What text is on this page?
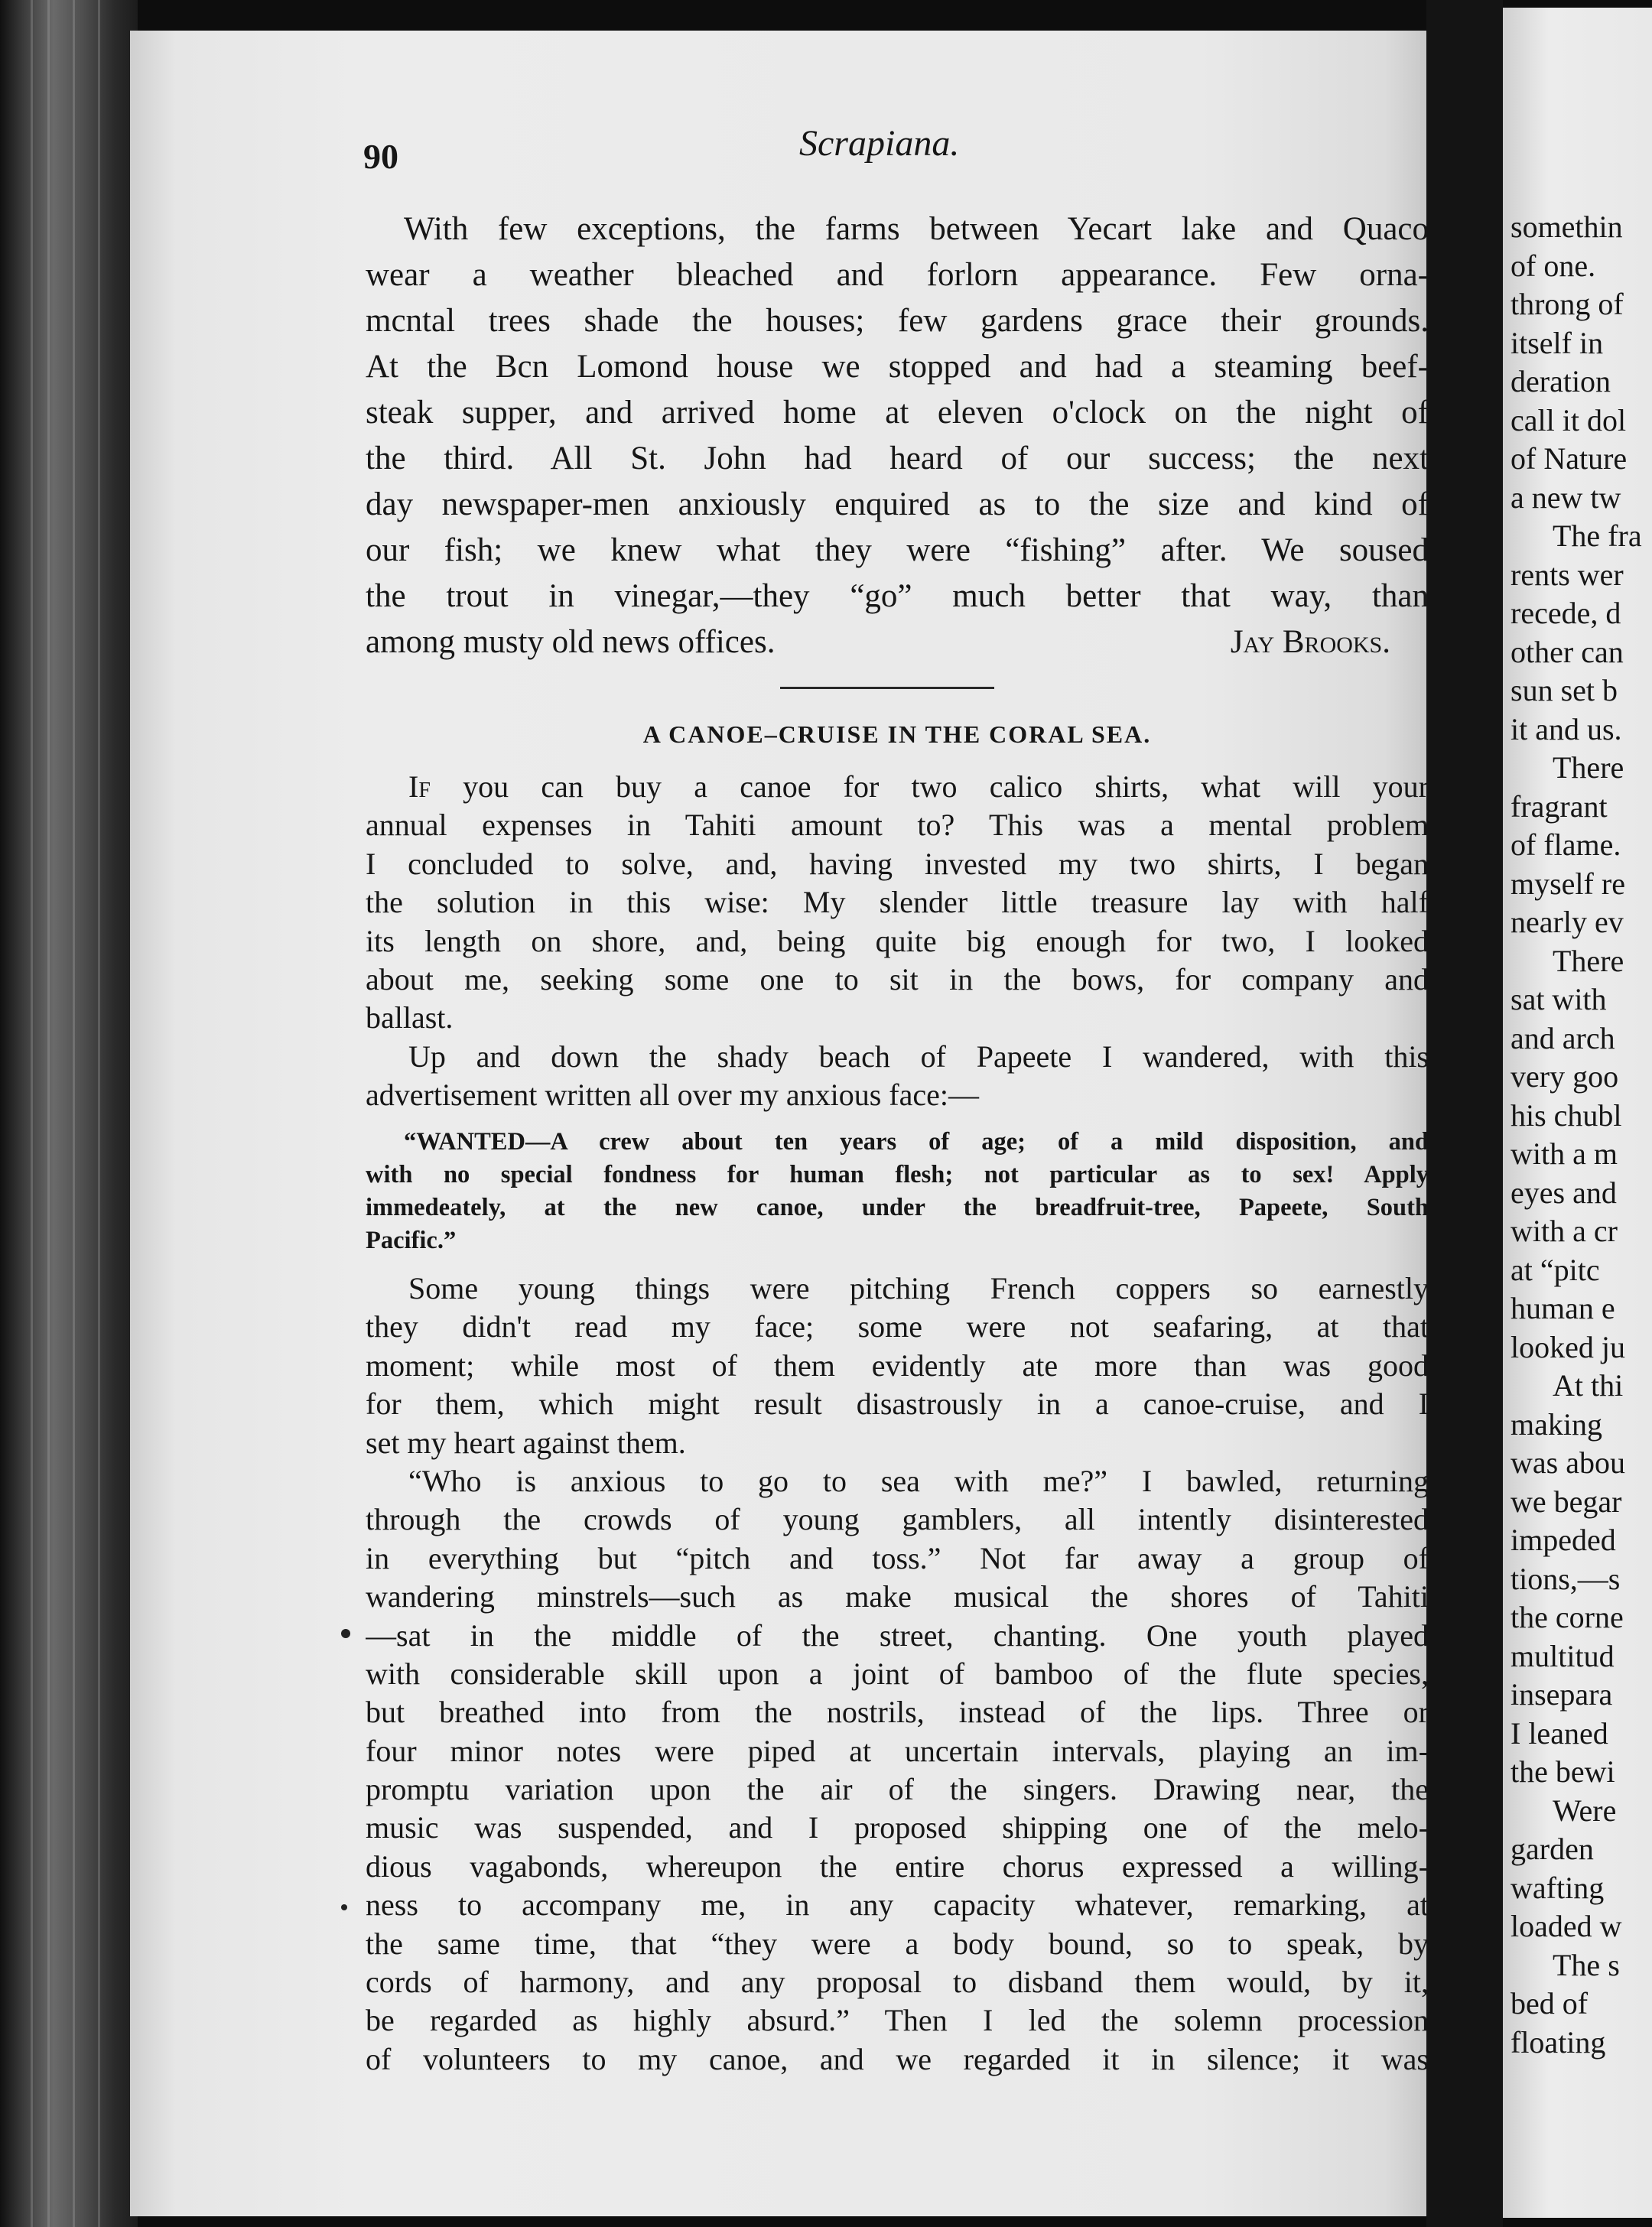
90	Scrapiana.
With few exceptions, the farms between Yecart lake and Quaco
wear a weather bleached and forlorn appearance. Few orna-
mcntal trees shade the houses; few gardens grace their grounds.
At the Bcn Lomond house we stopped and had a steaming beef-
steak supper, and arrived home at eleven o'clock on the night of
the third. All St. John had heard of our success; the next
day newspaper-men anxiously enquired as to the size and kind of
our fish; we knew what they were “fishing” after. We soused
the trout in vinegar,—they “go” much better that way, than
among musty old news offices.	Jay Brooks.
A CANOE–CRUISE IN THE CORAL SEA.
If you can buy a canoe for two calico shirts, what will your
annual expenses in Tahiti amount to? This was a mental problem
I concluded to solve, and, having invested my two shirts, I began
the solution in this wise: My slender little treasure lay with half
its length on shore, and, being quite big enough for two, I looked
about me, seeking some one to sit in the bows, for company and
ballast.
Up and down the shady beach of Papeete I wandered, with this
advertisement written all over my anxious face:—
“WANTED—A crew about ten years of age; of a mild disposition, and
with no special fondness for human flesh; not particular as to sex! Apply
immedeately, at the new canoe, under the breadfruit-tree, Papeete, South
Pacific.”
Some young things were pitching French coppers so earnestly
they didn't read my face; some were not seafaring, at that
moment; while most of them evidently ate more than was good
for them, which might result disastrously in a canoe-cruise, and I
set my heart against them.
“Who is anxious to go to sea with me?” I bawled, returning
through the crowds of young gamblers, all intently disinterested
in everything but “pitch and toss.” Not far away a group of
wandering minstrels—such as make musical the shores of Tahiti
—sat in the middle of the street, chanting. One youth played
with considerable skill upon a joint of bamboo of the flute species,
but breathed into from the nostrils, instead of the lips. Three or
four minor notes were piped at uncertain intervals, playing an im-
promptu variation upon the air of the singers. Drawing near, the
music was suspended, and I proposed shipping one of the melo-
dious vagabonds, whereupon the entire chorus expressed a willing-
ness to accompany me, in any capacity whatever, remarking, at
the same time, that “they were a body bound, so to speak, by
cords of harmony, and any proposal to disband them would, by it,
be regarded as highly absurd.” Then I led the solemn procession
of volunteers to my canoe, and we regarded it in silence; it was
somethin
of one.
throng of
itself in
deration
call it dol
of Nature
a new tw
The fra
rents wer
recede, d
other can
sun set b
it and us.
There
fragrant
of flame.
myself re
nearly ev
There
sat with
and arch
very goo
his chubl
with a m
eyes and
with a cr
at “pitc
human e
looked ju
At thi
making
was abou
we begar
impeded
tions,—s
the corne
multitud
insepara
I leaned
the bewi
Were
garden
wafting
loaded w
The s
bed of
floating
